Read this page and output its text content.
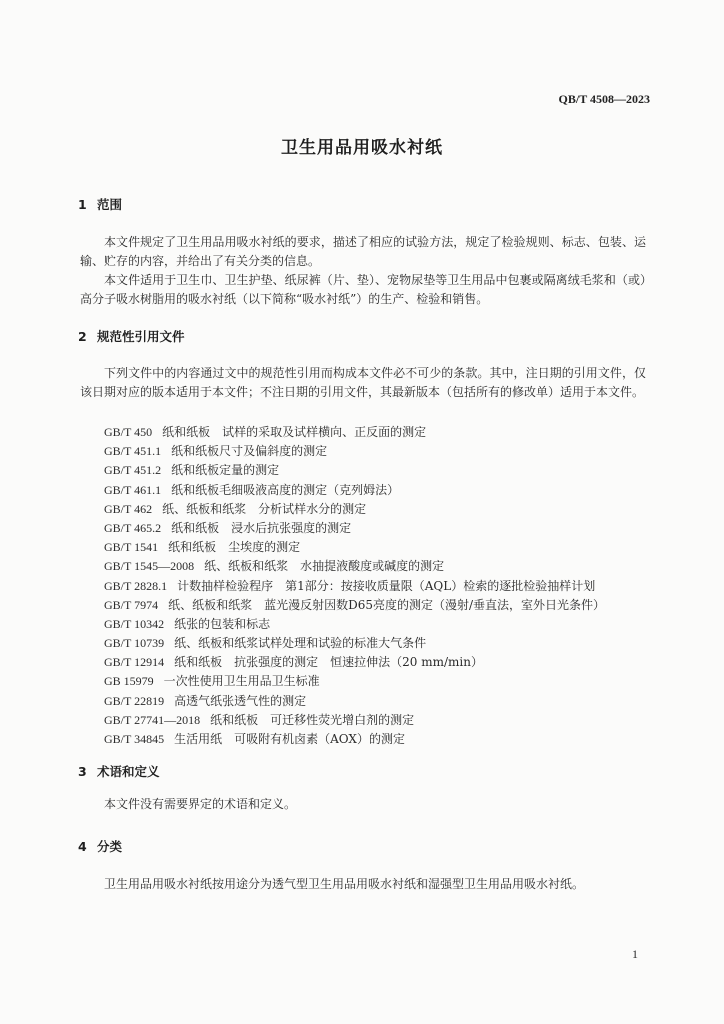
QB/T 4508—2023
卫生用品用吸水衬纸
1 范围

本文件规定了卫生用品用吸水衬纸的要求，描述了相应的试验方法，规定了检验规则、标志、包装、运输、贮存的内容，并给出了有关分类的信息。

本文件适用于卫生巾、卫生护垫、纸尿裤（片、垫）、宠物尿垫等卫生用品中包裹或隔离绒毛浆和（或）高分子吸水树脂用的吸水衬纸（以下简称“吸水衬纸”）的生产、检验和销售。

2 规范性引用文件

下列文件中的内容通过文中的规范性引用而构成本文件必不可少的条款。其中，注日期的引用文件，仅该日期对应的版本适用于本文件；不注日期的引用文件，其最新版本（包括所有的修改单）适用于本文件。

GB/T 450 纸和纸板　试样的采取及试样横向、正反面的测定
GB/T 451.1 纸和纸板尺寸及偏斜度的测定
GB/T 451.2 纸和纸板定量的测定
GB/T 461.1 纸和纸板毛细吸液高度的测定（克列姆法）
GB/T 462 纸、纸板和纸浆　分析试样水分的测定
GB/T 465.2 纸和纸板　浸水后抗张强度的测定
GB/T 1541 纸和纸板　尘埃度的测定
GB/T 1545—2008 纸、纸板和纸浆　水抽提液酸度或碱度的测定
GB/T 2828.1 计数抽样检验程序　第1部分：按接收质量限（AQL）检索的逐批检验抽样计划
GB/T 7974 纸、纸板和纸浆　蓝光漫反射因数D65亮度的测定（漫射/垂直法，室外日光条件）
GB/T 10342 纸张的包装和标志
GB/T 10739 纸、纸板和纸浆试样处理和试验的标准大气条件
GB/T 12914 纸和纸板　抗张强度的测定　恒速拉伸法（20 mm/min）
GB 15979 一次性使用卫生用品卫生标准
GB/T 22819 高透气纸张透气性的测定
GB/T 27741—2018 纸和纸板　可迁移性荧光增白剂的测定
GB/T 34845 生活用纸　可吸附有机卤素（AOX）的测定
3 术语和定义

本文件没有需要界定的术语和定义。

4 分类

卫生用品用吸水衬纸按用途分为透气型卫生用品用吸水衬纸和湿强型卫生用品用吸水衬纸。

1
